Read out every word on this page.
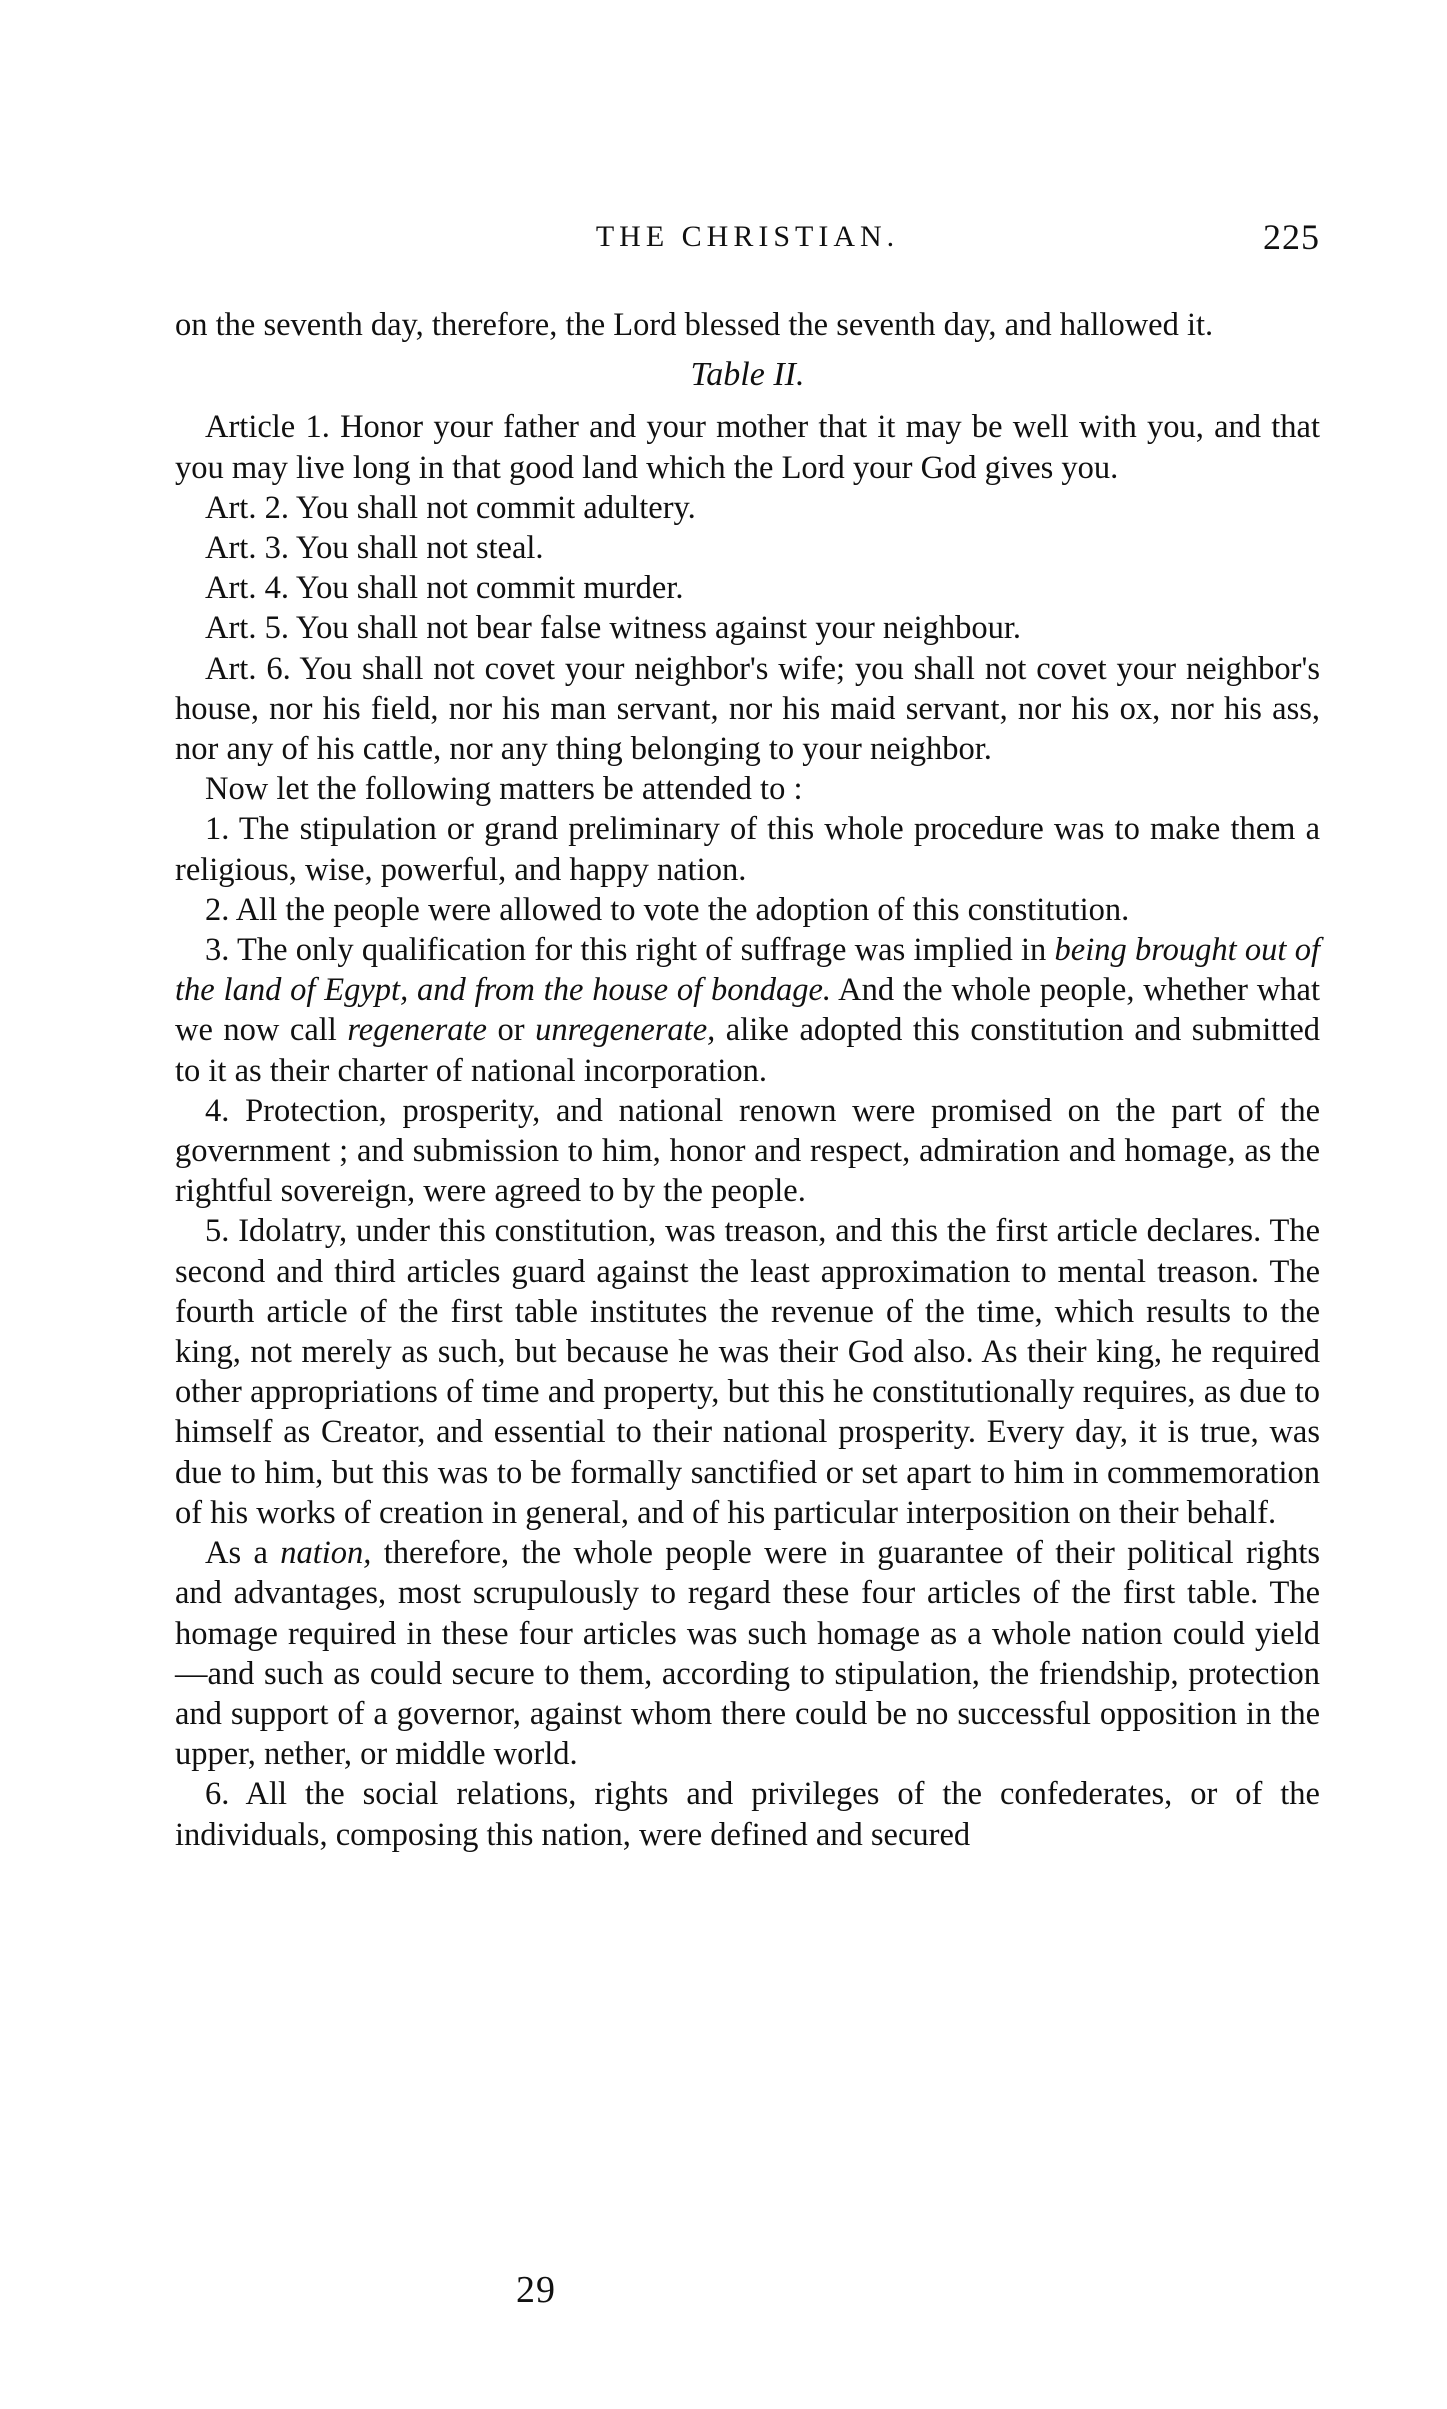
THE CHRISTIAN.	225

on the seventh day, therefore, the Lord blessed the seventh day, and hallowed it.

Table II.

Article 1. Honor your father and your mother that it may be well with you, and that you may live long in that good land which the Lord your God gives you.

Art. 2. You shall not commit adultery.

Art. 3. You shall not steal.

Art. 4. You shall not commit murder.

Art. 5. You shall not bear false witness against your neighbour.

Art. 6. You shall not covet your neighbor's wife; you shall not covet your neighbor's house, nor his field, nor his man servant, nor his maid servant, nor his ox, nor his ass, nor any of his cattle, nor any thing belonging to your neighbor.

Now let the following matters be attended to :

1. The stipulation or grand preliminary of this whole procedure was to make them a religious, wise, powerful, and happy nation.

2. All the people were allowed to vote the adoption of this constitution.

3. The only qualification for this right of suffrage was implied in being brought out of the land of Egypt, and from the house of bondage. And the whole people, whether what we now call regenerate or unregenerate, alike adopted this constitution and submitted to it as their charter of national incorporation.

4. Protection, prosperity, and national renown were promised on the part of the government ; and submission to him, honor and respect, admiration and homage, as the rightful sovereign, were agreed to by the people.

5. Idolatry, under this constitution, was treason, and this the first article declares. The second and third articles guard against the least approximation to mental treason. The fourth article of the first table institutes the revenue of the time, which results to the king, not merely as such, but because he was their God also. As their king, he required other appropriations of time and property, but this he constitutionally requires, as due to himself as Creator, and essential to their national prosperity. Every day, it is true, was due to him, but this was to be formally sanctified or set apart to him in commemoration of his works of creation in general, and of his particular interposition on their behalf.

As a nation, therefore, the whole people were in guarantee of their political rights and advantages, most scrupulously to regard these four articles of the first table. The homage required in these four articles was such homage as a whole nation could yield—and such as could secure to them, according to stipulation, the friendship, protection and support of a governor, against whom there could be no successful opposition in the upper, nether, or middle world.

6. All the social relations, rights and privileges of the confederates, or of the individuals, composing this nation, were defined and secured

29
